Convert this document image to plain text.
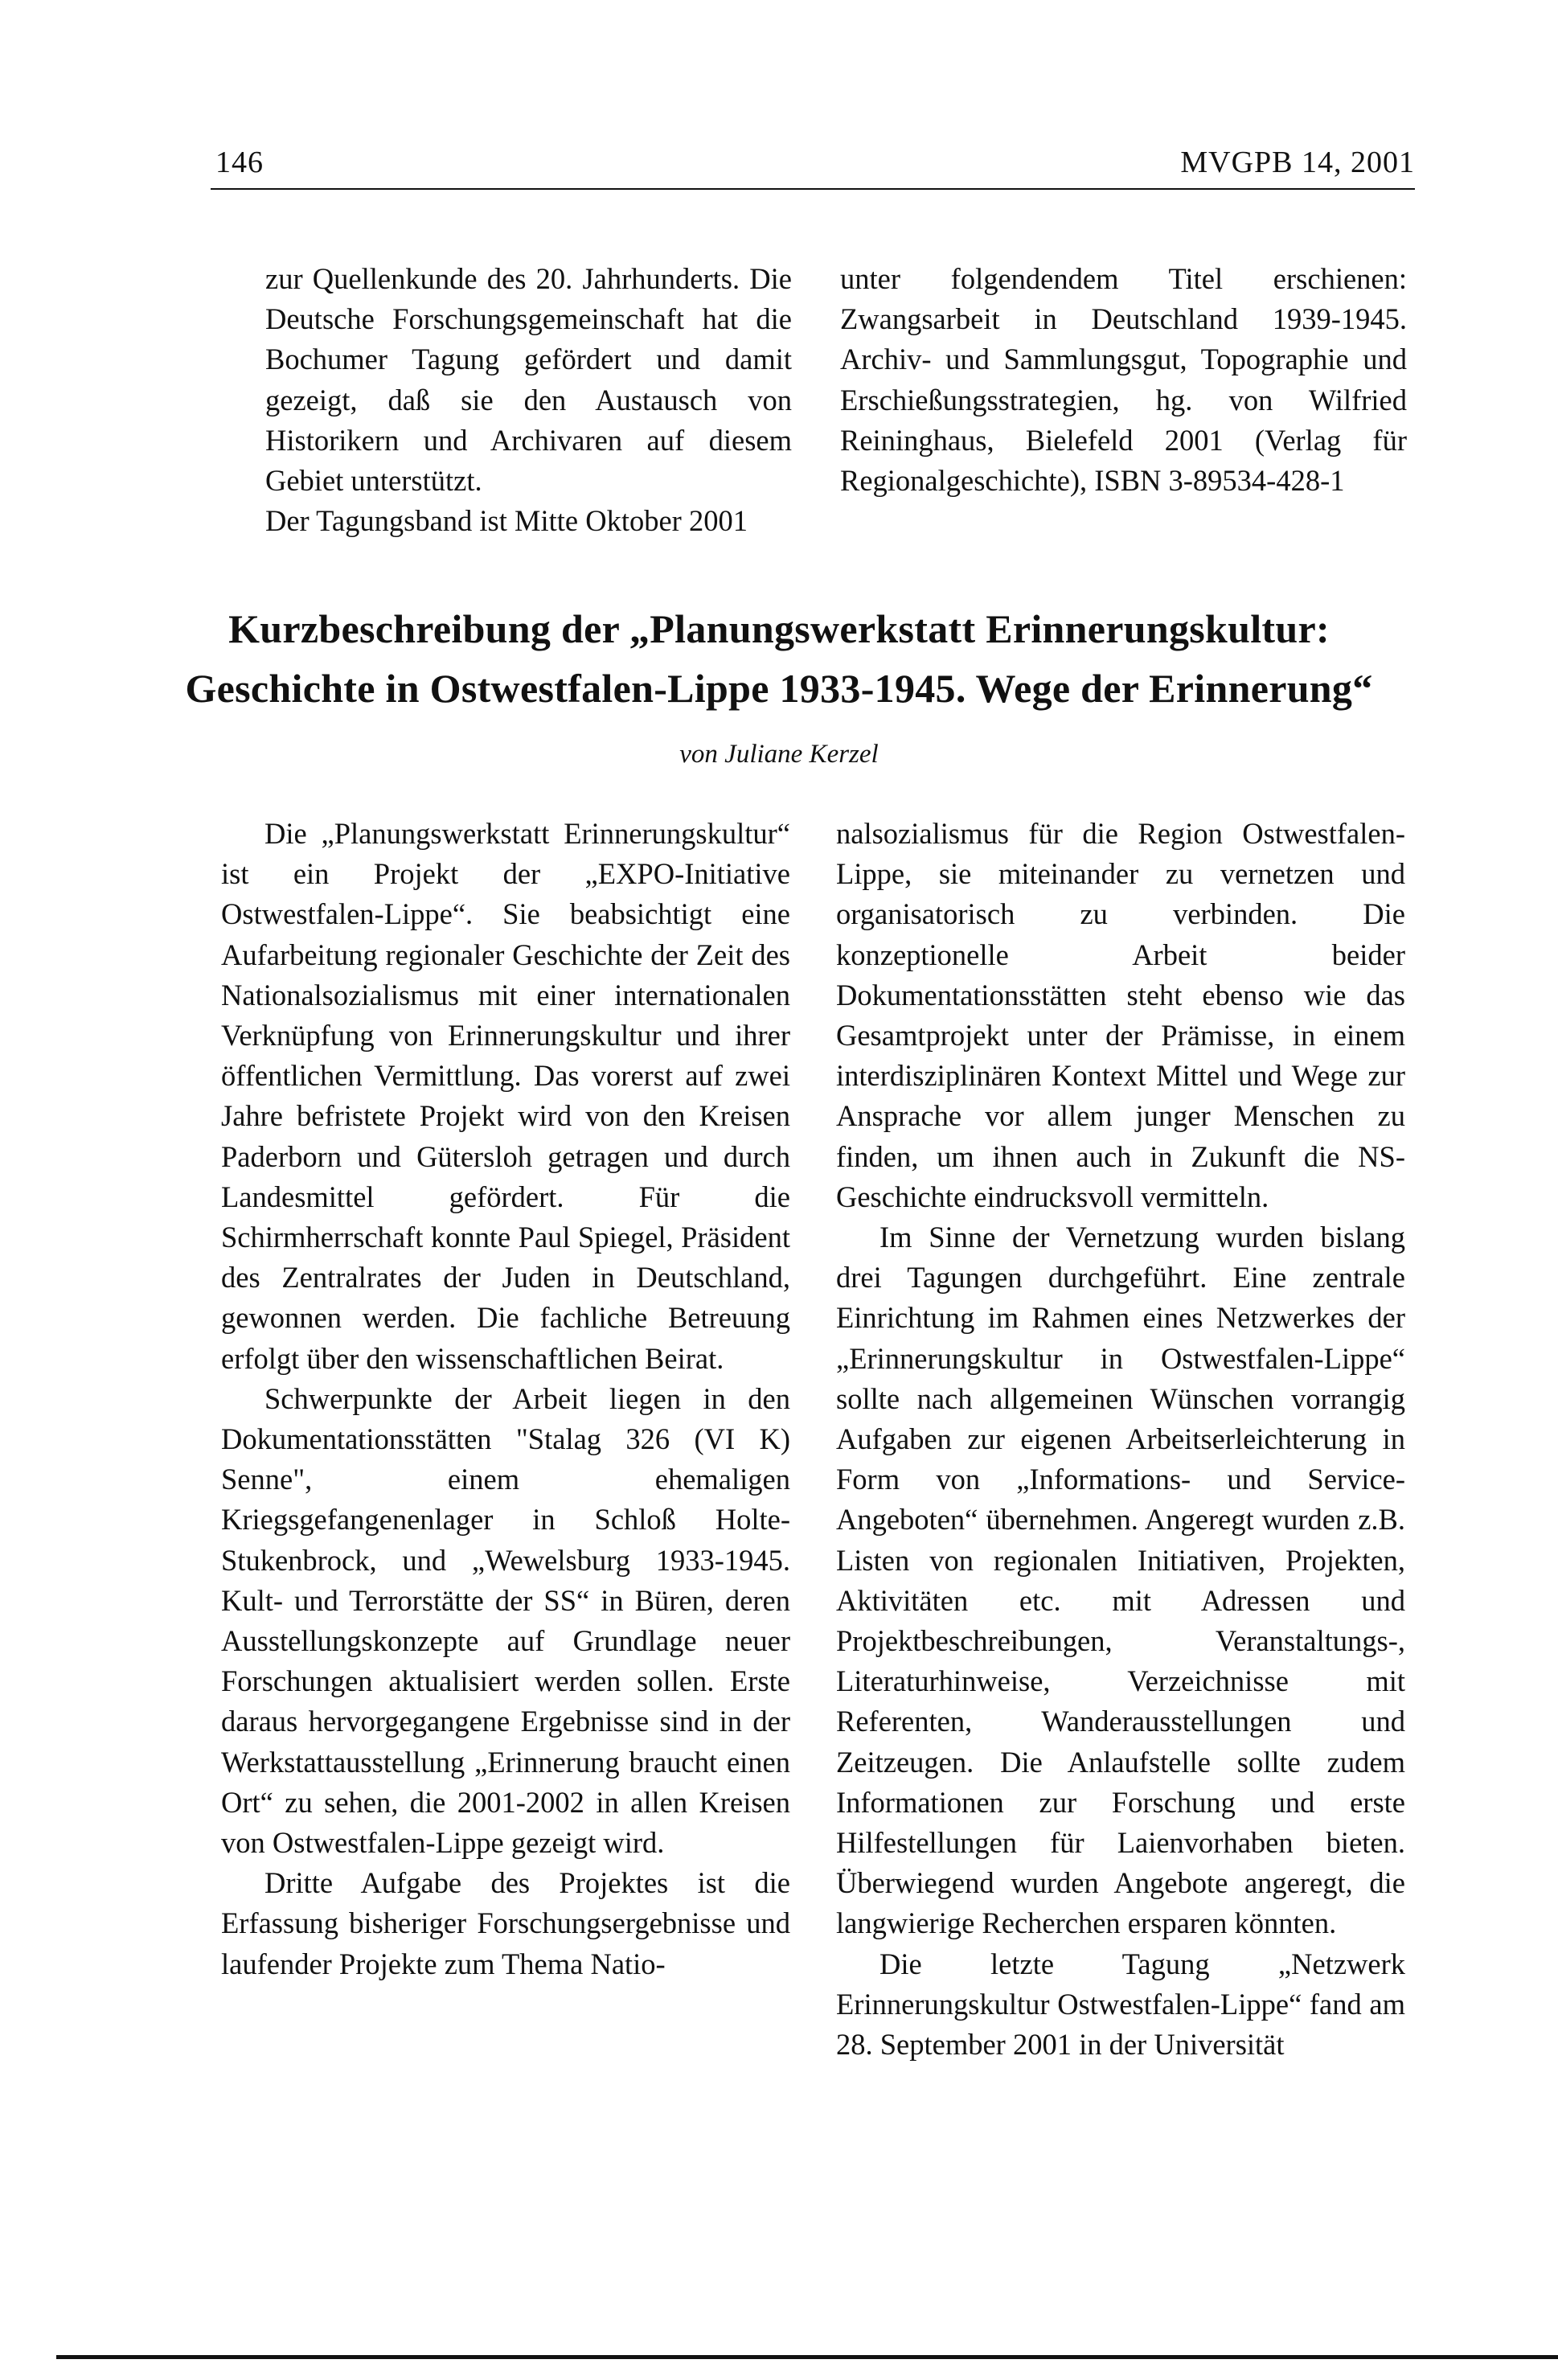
146	MVGPB 14, 2001

zur Quellenkunde des 20. Jahrhunderts. Die Deutsche Forschungsgemeinschaft hat die Bochumer Tagung gefördert und damit gezeigt, daß sie den Austausch von Historikern und Archivaren auf diesem Gebiet unterstützt.

Der Tagungsband ist Mitte Oktober 2001

unter folgendendem Titel erschienen: Zwangsarbeit in Deutschland 1939-1945. Archiv- und Sammlungsgut, Topographie und Erschießungsstrategien, hg. von Wilfried Reininghaus, Bielefeld 2001 (Verlag für Regionalgeschichte), ISBN 3-89534-428-1

Kurzbeschreibung der „Planungswerkstatt Erinnerungskultur:

Geschichte in Ostwestfalen-Lippe 1933-1945. Wege der Erinnerung“

von Juliane Kerzel

Die „Planungswerkstatt Erinnerungskultur“ ist ein Projekt der „EXPO-Initiative Ostwestfalen-Lippe“. Sie beabsichtigt eine Aufarbeitung regionaler Geschichte der Zeit des Nationalsozialismus mit einer internationalen Verknüpfung von Erinnerungskultur und ihrer öffentlichen Vermittlung. Das vorerst auf zwei Jahre befristete Projekt wird von den Kreisen Paderborn und Gütersloh getragen und durch Landesmittel gefördert. Für die Schirmherrschaft konnte Paul Spiegel, Präsident des Zentralrates der Juden in Deutschland, gewonnen werden. Die fachliche Betreuung erfolgt über den wissenschaftlichen Beirat.

Schwerpunkte der Arbeit liegen in den Dokumentationsstätten "Stalag 326 (VI K) Senne", einem ehemaligen Kriegsgefangenenlager in Schloß Holte-Stukenbrock, und „Wewelsburg 1933-1945. Kult- und Terrorstätte der SS“ in Büren, deren Ausstellungskonzepte auf Grundlage neuer Forschungen aktualisiert werden sollen. Erste daraus hervorgegangene Ergebnisse sind in der Werkstattausstellung „Erinnerung braucht einen Ort“ zu sehen, die 2001-2002 in allen Kreisen von Ostwestfalen-Lippe gezeigt wird.

Dritte Aufgabe des Projektes ist die Erfassung bisheriger Forschungsergebnisse und laufender Projekte zum Thema Natio-

nalsozialismus für die Region Ostwestfalen-Lippe, sie miteinander zu vernetzen und organisatorisch zu verbinden. Die konzeptionelle Arbeit beider Dokumentationsstätten steht ebenso wie das Gesamtprojekt unter der Prämisse, in einem interdisziplinären Kontext Mittel und Wege zur Ansprache vor allem junger Menschen zu finden, um ihnen auch in Zukunft die NS-Geschichte eindrucksvoll vermitteln.

Im Sinne der Vernetzung wurden bislang drei Tagungen durchgeführt. Eine zentrale Einrichtung im Rahmen eines Netzwerkes der „Erinnerungskultur in Ostwestfalen-Lippe“ sollte nach allgemeinen Wünschen vorrangig Aufgaben zur eigenen Arbeitserleichterung in Form von „Informations- und Service-Angeboten“ übernehmen. Angeregt wurden z.B. Listen von regionalen Initiativen, Projekten, Aktivitäten etc. mit Adressen und Projektbeschreibungen, Veranstaltungs-, Literaturhinweise, Verzeichnisse mit Referenten, Wanderausstellungen und Zeitzeugen. Die Anlaufstelle sollte zudem Informationen zur Forschung und erste Hilfestellungen für Laienvorhaben bieten. Überwiegend wurden Angebote angeregt, die langwierige Recherchen ersparen könnten.

Die letzte Tagung „Netzwerk Erinnerungskultur Ostwestfalen-Lippe“ fand am 28. September 2001 in der Universität
